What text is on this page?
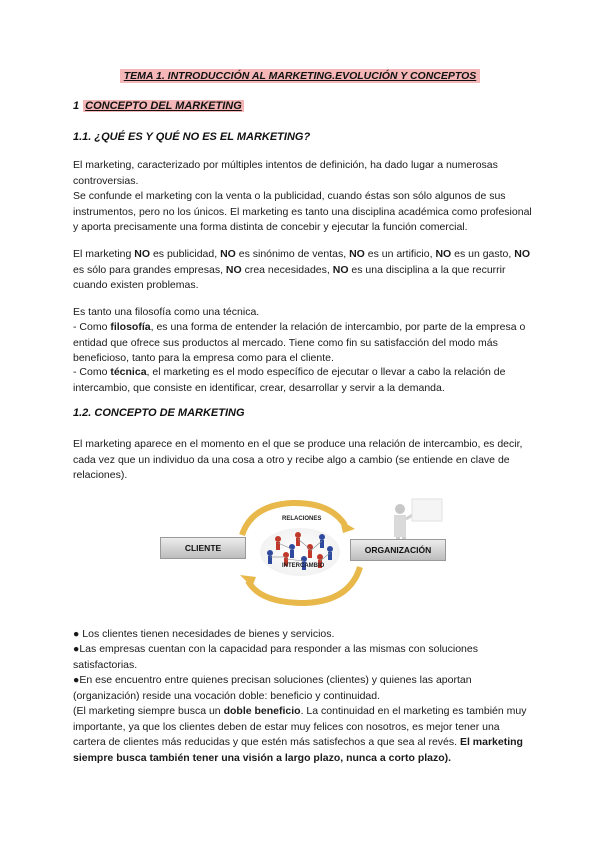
TEMA 1. INTRODUCCIÓN AL MARKETING.EVOLUCIÓN Y CONCEPTOS
1 CONCEPTO DEL MARKETING
1.1. ¿QUÉ ES Y QUÉ NO ES EL MARKETING?
El marketing, caracterizado por múltiples intentos de definición, ha dado lugar a numerosas controversias.
Se confunde el marketing con la venta o la publicidad, cuando éstas son sólo algunos de sus instrumentos, pero no los únicos. El marketing es tanto una disciplina académica como profesional y aporta precisamente una forma distinta de concebir y ejecutar la función comercial.
El marketing NO es publicidad, NO es sinónimo de ventas, NO es un artificio, NO es un gasto, NO es sólo para grandes empresas, NO crea necesidades, NO es una disciplina a la que recurrir cuando existen problemas.
Es tanto una filosofía como una técnica.
- Como filosofía, es una forma de entender la relación de intercambio, por parte de la empresa o entidad que ofrece sus productos al mercado. Tiene como fin su satisfacción del modo más beneficioso, tanto para la empresa como para el cliente.
- Como técnica, el marketing es el modo específico de ejecutar o llevar a cabo la relación de intercambio, que consiste en identificar, crear, desarrollar y servir a la demanda.
1.2. CONCEPTO DE MARKETING
El marketing aparece en el momento en el que se produce una relación de intercambio, es decir, cada vez que un individuo da una cosa a otro y recibe algo a cambio (se entiende en clave de relaciones).
CLIENTE	ORGANIZACIÓN
RELACIONES
INTERCAMBIO
● Los clientes tienen necesidades de bienes y servicios.
●Las empresas cuentan con la capacidad para responder a las mismas con soluciones satisfactorias.
●En ese encuentro entre quienes precisan soluciones (clientes) y quienes las aportan (organización) reside una vocación doble: beneficio y continuidad.
(El marketing siempre busca un doble beneficio. La continuidad en el marketing es también muy importante, ya que los clientes deben de estar muy felices con nosotros, es mejor tener una cartera de clientes más reducidas y que estén más satisfechos a que sea al revés. El marketing siempre busca también tener una visión a largo plazo, nunca a corto plazo).
